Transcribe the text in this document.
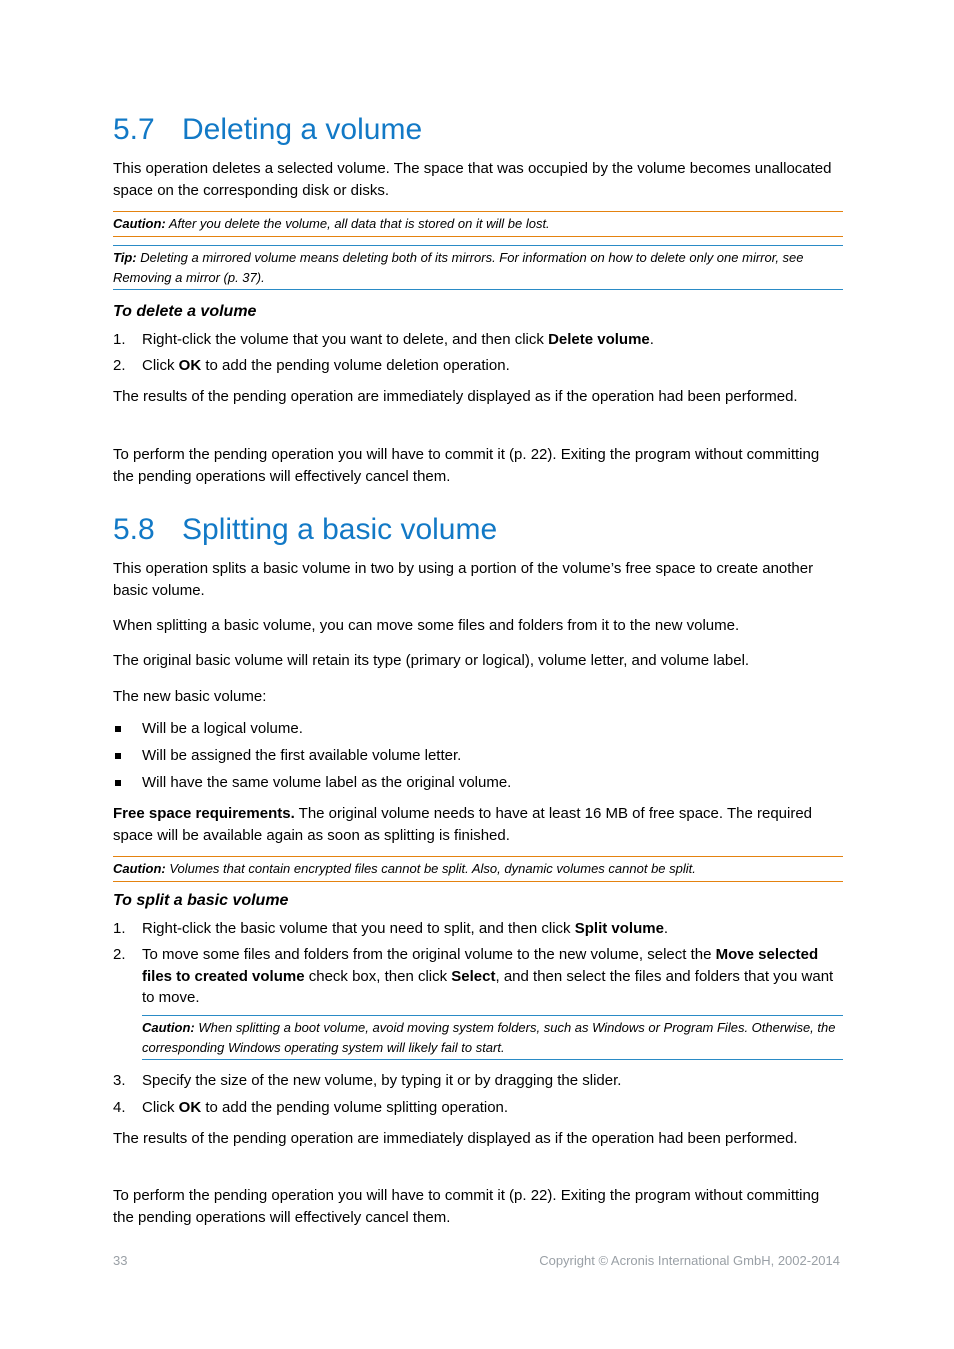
5.7 Deleting a volume

This operation deletes a selected volume. The space that was occupied by the volume becomes unallocated space on the corresponding disk or disks.

Caution: After you delete the volume, all data that is stored on it will be lost.
Tip: Deleting a mirrored volume means deleting both of its mirrors. For information on how to delete only one mirror, see Removing a mirror (p. 37).
To delete a volume
1. Right-click the volume that you want to delete, and then click Delete volume.
2. Click OK to add the pending volume deletion operation.

The results of the pending operation are immediately displayed as if the operation had been performed.

To perform the pending operation you will have to commit it (p. 22). Exiting the program without committing the pending operations will effectively cancel them.

5.8 Splitting a basic volume

This operation splits a basic volume in two by using a portion of the volume’s free space to create another basic volume.

When splitting a basic volume, you can move some files and folders from it to the new volume.

The original basic volume will retain its type (primary or logical), volume letter, and volume label.

The new basic volume:

Will be a logical volume.
Will be assigned the first available volume letter.
Will have the same volume label as the original volume.

Free space requirements. The original volume needs to have at least 16 MB of free space. The required space will be available again as soon as splitting is finished.

Caution: Volumes that contain encrypted files cannot be split. Also, dynamic volumes cannot be split.
To split a basic volume
1. Right-click the basic volume that you need to split, and then click Split volume.
2. To move some files and folders from the original volume to the new volume, select the Move selected files to created volume check box, then click Select, and then select the files and folders that you want to move.
Caution: When splitting a boot volume, avoid moving system folders, such as Windows or Program Files. Otherwise, the corresponding Windows operating system will likely fail to start.
3. Specify the size of the new volume, by typing it or by dragging the slider.
4. Click OK to add the pending volume splitting operation.

The results of the pending operation are immediately displayed as if the operation had been performed.

To perform the pending operation you will have to commit it (p. 22). Exiting the program without committing the pending operations will effectively cancel them.

33	Copyright © Acronis International GmbH, 2002-2014
